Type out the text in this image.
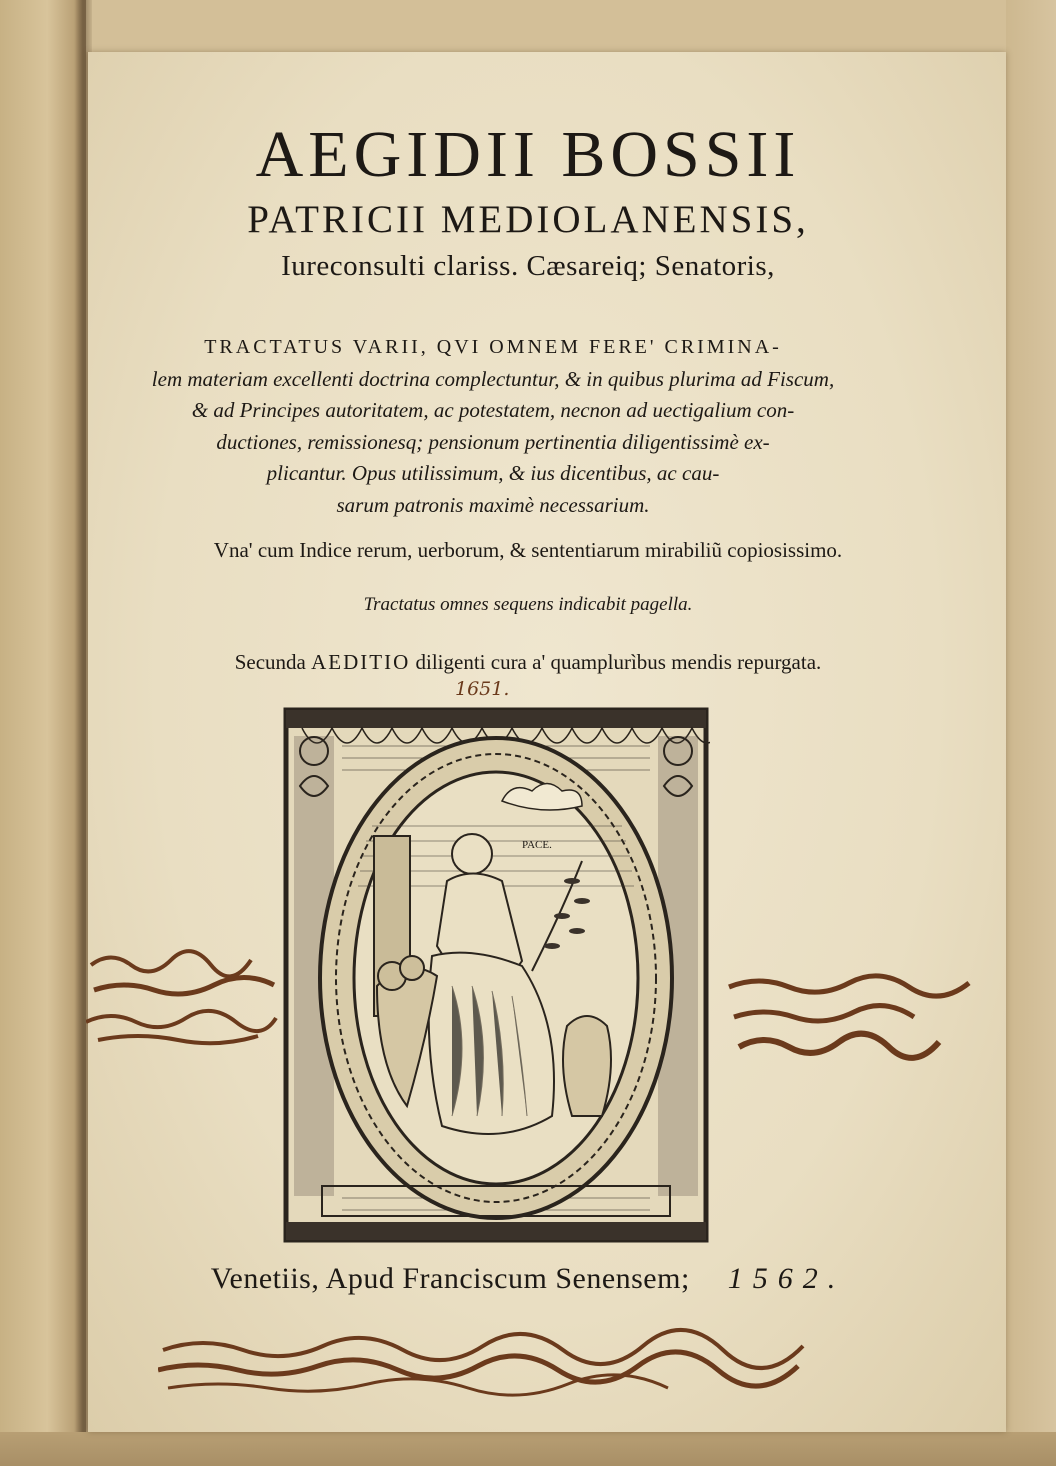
AEGIDII BOSSII
PATRICII MEDIOLANENSIS,
Iureconsulti clariss. Cæsareiq; Senatoris,
TRACTATUS VARII, QVI OMNEM FERE' CRIMINA-
lem materiam excellenti doctrina complectuntur, & in quibus plurima ad Fiscum,
& ad Principes autoritatem, ac potestatem, necnon ad uectigalium con-
ductiones, remissionesq; pensionum pertinentia diligentissimè ex-
plicantur. Opus utilissimum, & ius dicentibus, ac cau-
sarum patronis maximè necessarium.
Vna' cum Indice rerum, uerborum, & sententiarum mirabiliũ copiosissimo.
Tractatus omnes sequens indicabit pagella.
Secunda AEDITIO diligenti cura a' quamplurìbus mendis repurgata.
1651.
PACE.
Venetiis, Apud Franciscum Senensem; 1562.
